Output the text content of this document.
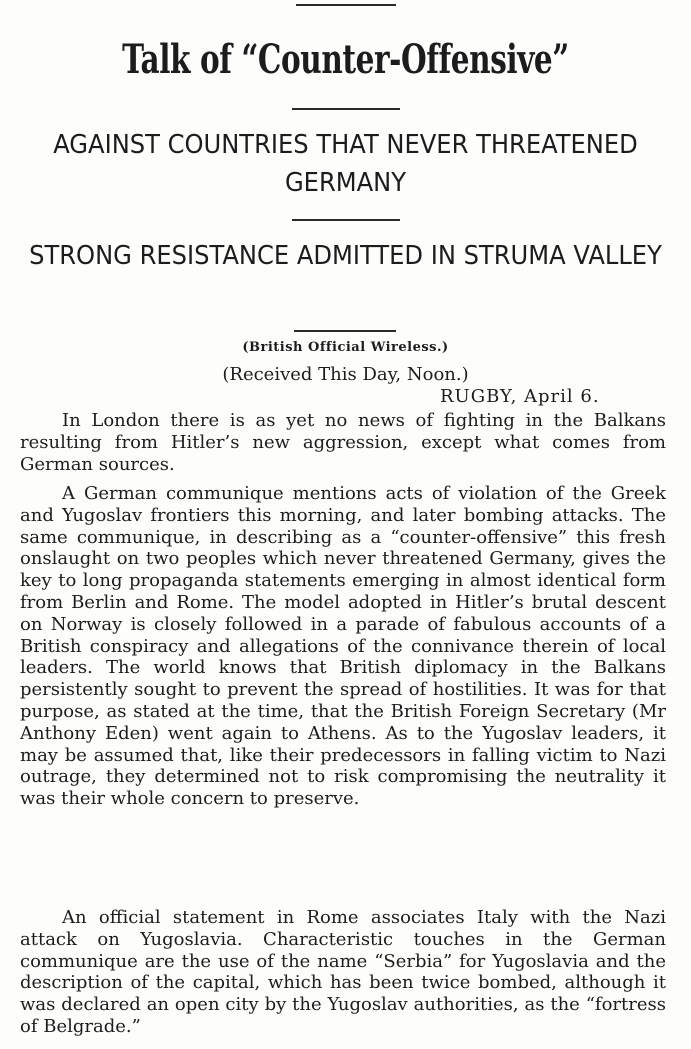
Talk of “Counter-Offensive”
AGAINST COUNTRIES THAT NEVER THREATENED GERMANY
STRONG RESISTANCE ADMITTED IN STRUMA VALLEY
(British Official Wireless.)
(Received This Day, Noon.)
RUGBY, April 6.

In London there is as yet no news of fighting in the Balkans resulting from Hitler’s new aggression, except what comes from German sources.

A German communique mentions acts of violation of the Greek and Yugoslav frontiers this morning, and later bombing attacks. The same communique, in describing as a “counter-offensive” this fresh onslaught on two peoples which never threatened Germany, gives the key to long propaganda statements emerging in almost identical form from Berlin and Rome. The model adopted in Hitler’s brutal descent on Norway is closely followed in a parade of fabulous accounts of a British conspiracy and allegations of the connivance therein of local leaders. The world knows that British diplomacy in the Balkans persistently sought to prevent the spread of hostilities. It was for that purpose, as stated at the time, that the British Foreign Secretary (Mr Anthony Eden) went again to Athens. As to the Yugoslav leaders, it may be assumed that, like their predecessors in falling victim to Nazi outrage, they determined not to risk compromising the neutrality it was their whole concern to preserve.

An official statement in Rome associates Italy with the Nazi attack on Yugoslavia. Characteristic touches in the German communique are the use of the name “Serbia” for Yugoslavia and the description of the capital, which has been twice bombed, although it was declared an open city by the Yugoslav authorities, as the “fortress of Belgrade.”
